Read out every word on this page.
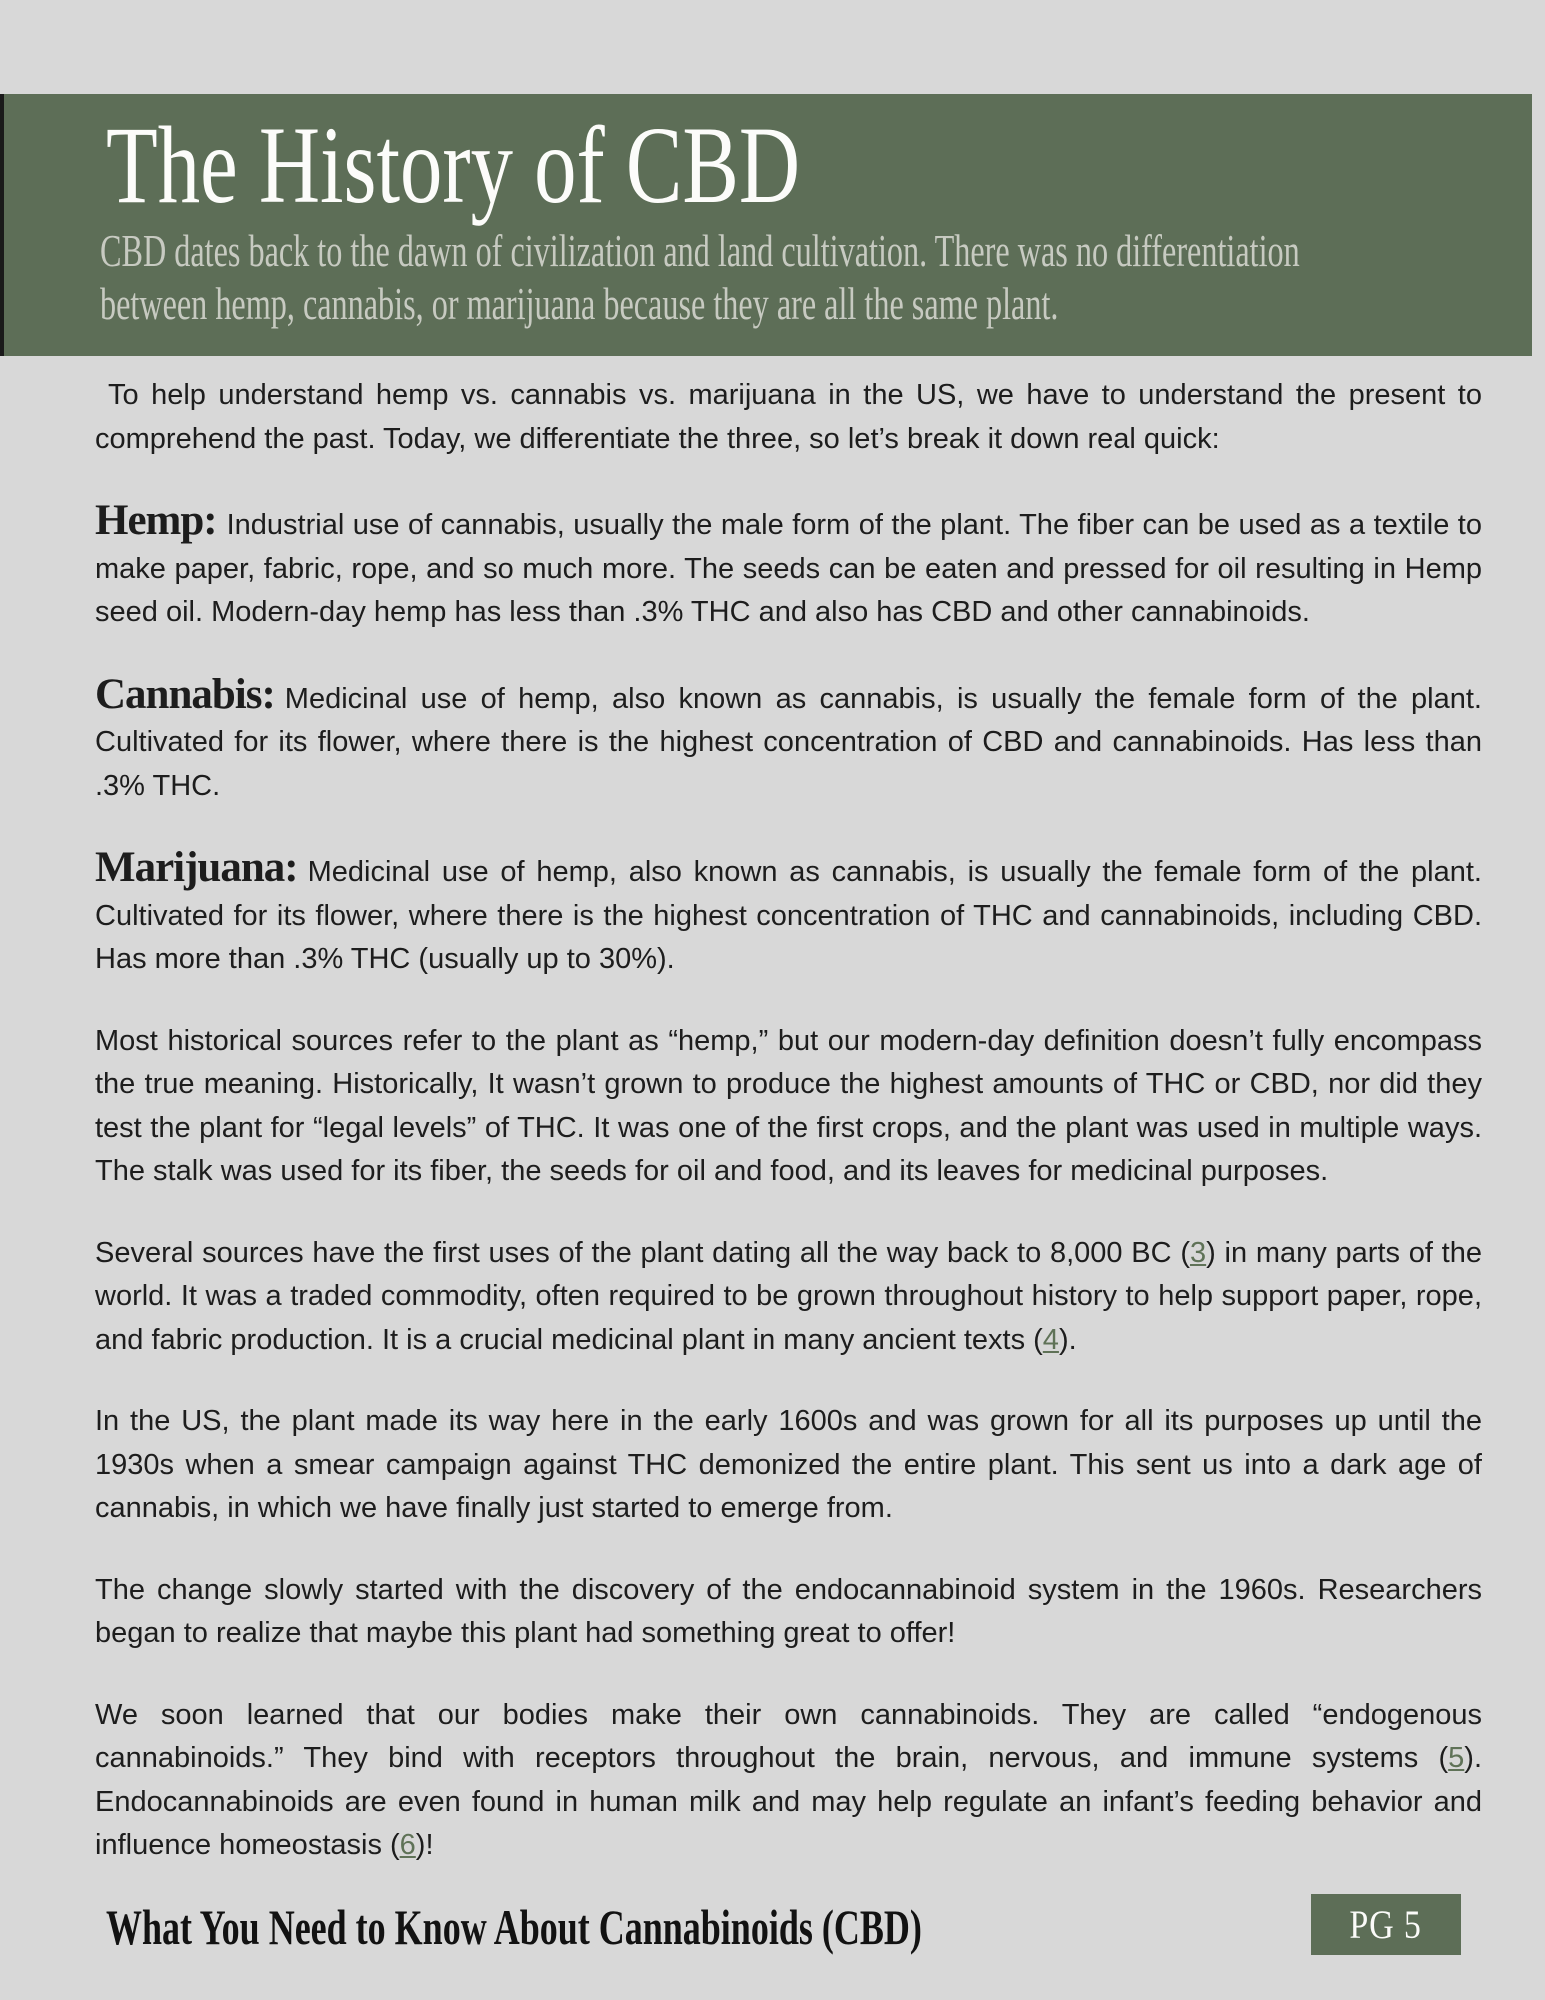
The History of CBD
CBD dates back to the dawn of civilization and land cultivation. There was no differentiation
between hemp, cannabis, or marijuana because they are all the same plant.

To help understand hemp vs. cannabis vs. marijuana in the US, we have to understand the present to comprehend the past. Today, we differentiate the three, so let’s break it down real quick:

Hemp: Industrial use of cannabis, usually the male form of the plant. The fiber can be used as a textile to make paper, fabric, rope, and so much more. The seeds can be eaten and pressed for oil resulting in Hemp seed oil. Modern-day hemp has less than .3% THC and also has CBD and other cannabinoids.

Cannabis: Medicinal use of hemp, also known as cannabis, is usually the female form of the plant. Cultivated for its flower, where there is the highest concentration of CBD and cannabinoids. Has less than .3% THC.

Marijuana: Medicinal use of hemp, also known as cannabis, is usually the female form of the plant. Cultivated for its flower, where there is the highest concentration of THC and cannabinoids, including CBD. Has more than .3% THC (usually up to 30%).

Most historical sources refer to the plant as “hemp,” but our modern-day definition doesn’t fully encompass the true meaning. Historically, It wasn’t grown to produce the highest amounts of THC or CBD, nor did they test the plant for “legal levels” of THC. It was one of the first crops, and the plant was used in multiple ways. The stalk was used for its fiber, the seeds for oil and food, and its leaves for medicinal purposes.

Several sources have the first uses of the plant dating all the way back to 8,000 BC (3) in many parts of the world. It was a traded commodity, often required to be grown throughout history to help support paper, rope, and fabric production. It is a crucial medicinal plant in many ancient texts (4).

In the US, the plant made its way here in the early 1600s and was grown for all its purposes up until the 1930s when a smear campaign against THC demonized the entire plant. This sent us into a dark age of cannabis, in which we have finally just started to emerge from.

The change slowly started with the discovery of the endocannabinoid system in the 1960s. Researchers began to realize that maybe this plant had something great to offer!

We soon learned that our bodies make their own cannabinoids. They are called “endogenous cannabinoids.” They bind with receptors throughout the brain, nervous, and immune systems (5). Endocannabinoids are even found in human milk and may help regulate an infant’s feeding behavior and influence homeostasis (6)!

What You Need to Know About Cannabinoids (CBD)	PG 5
